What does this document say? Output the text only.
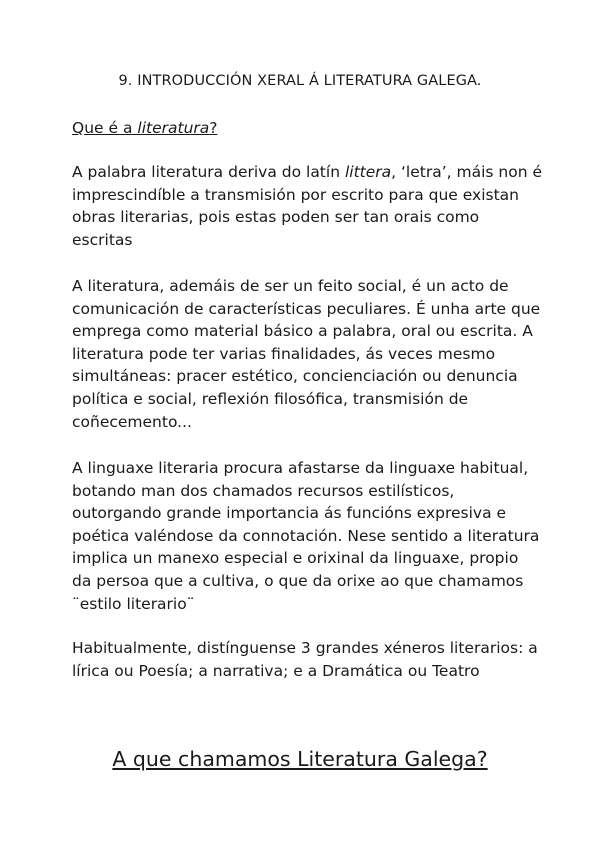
9. INTRODUCCIÓN XERAL Á LITERATURA GALEGA.
Que é a literatura?

A palabra literatura deriva do latín littera, ‘letra’, máis non é imprescindíble a transmisión por escrito para que existan obras literarias, pois estas poden ser tan orais como escritas

A literatura, ademáis de ser un feito social, é un acto de comunicación de características peculiares. É unha arte que emprega como material básico a palabra, oral ou escrita. A literatura pode ter varias finalidades, ás veces mesmo simultáneas: pracer estético, concienciación ou denuncia política e social, reflexión filosófica, transmisión de coñecemento...

A linguaxe literaria procura afastarse da linguaxe habitual, botando man dos chamados recursos estilísticos, outorgando grande importancia ás funcións expresiva e poética valéndose da connotación. Nese sentido a literatura implica un manexo especial e orixinal da linguaxe, propio da persoa que a cultiva, o que da orixe ao que chamamos ¨estilo literario¨

Habitualmente, distínguense 3 grandes xéneros literarios: a lírica ou Poesía; a narrativa; e a Dramática ou Teatro

A que chamamos Literatura Galega?
